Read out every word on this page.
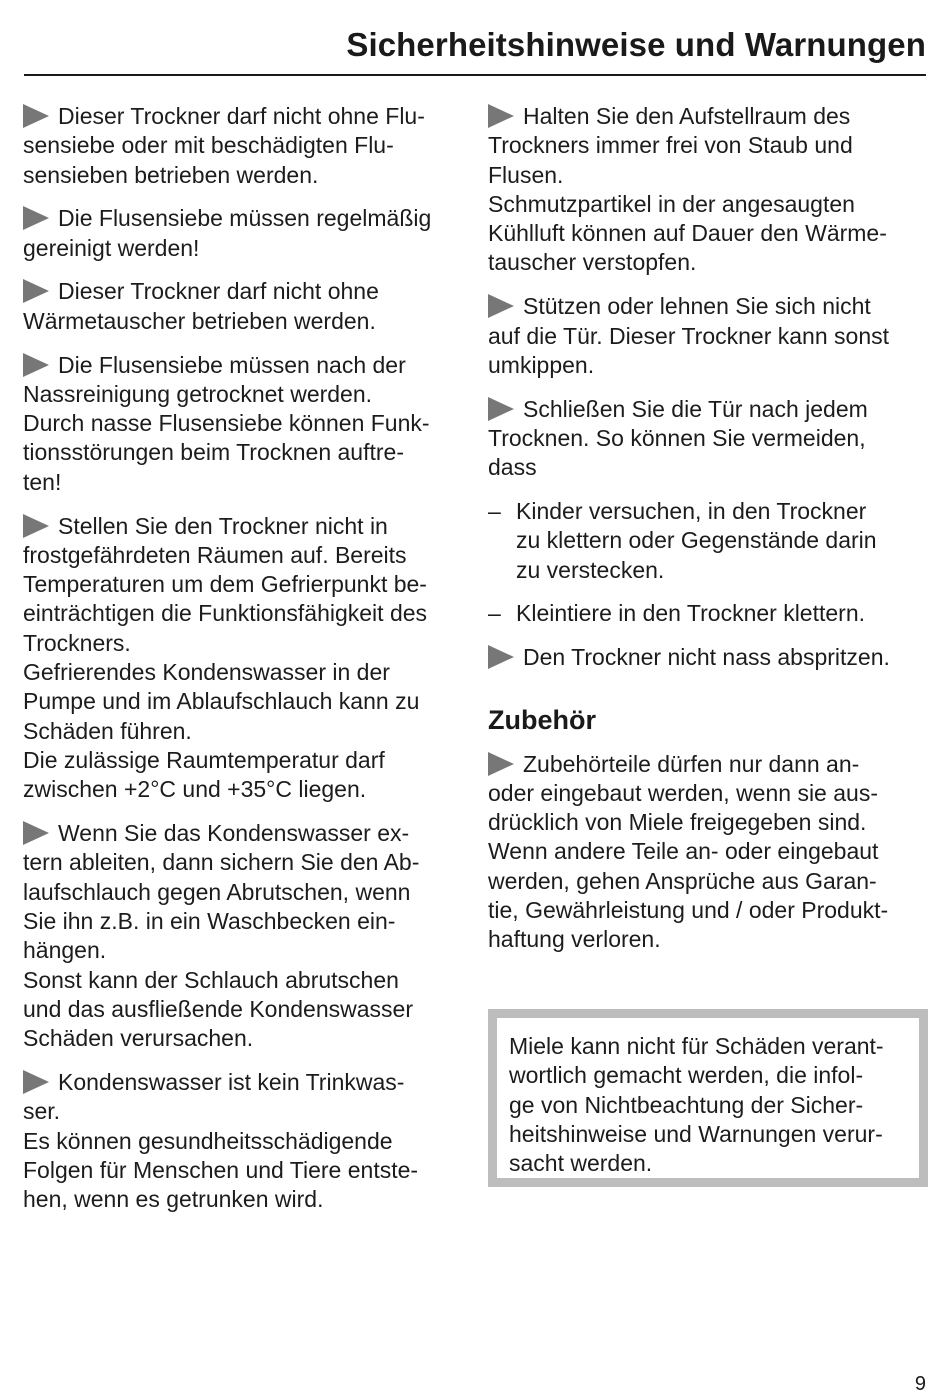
Sicherheitshinweise und Warnungen
Dieser Trockner darf nicht ohne Flu-
sensiebe oder mit beschädigten Flu-
sensieben betrieben werden.
Die Flusensiebe müssen regelmäßig
gereinigt werden!
Dieser Trockner darf nicht ohne
Wärmetauscher betrieben werden.
Die Flusensiebe müssen nach der
Nassreinigung getrocknet werden.
Durch nasse Flusensiebe können Funk-
tionsstörungen beim Trocknen auftre-
ten!
Stellen Sie den Trockner nicht in
frostgefährdeten Räumen auf. Bereits
Temperaturen um dem Gefrierpunkt be-
einträchtigen die Funktionsfähigkeit des
Trockners.
Gefrierendes Kondenswasser in der
Pumpe und im Ablaufschlauch kann zu
Schäden führen.
Die zulässige Raumtemperatur darf
zwischen +2°C und +35°C liegen.
Wenn Sie das Kondenswasser ex-
tern ableiten, dann sichern Sie den Ab-
laufschlauch gegen Abrutschen, wenn
Sie ihn z.B. in ein Waschbecken ein-
hängen.
Sonst kann der Schlauch abrutschen
und das ausfließende Kondenswasser
Schäden verursachen.
Kondenswasser ist kein Trinkwas-
ser.
Es können gesundheitsschädigende
Folgen für Menschen und Tiere entste-
hen, wenn es getrunken wird.
Halten Sie den Aufstellraum des
Trockners immer frei von Staub und
Flusen.
Schmutzpartikel in der angesaugten
Kühlluft können auf Dauer den Wärme-
tauscher verstopfen.
Stützen oder lehnen Sie sich nicht
auf die Tür. Dieser Trockner kann sonst
umkippen.
Schließen Sie die Tür nach jedem
Trocknen. So können Sie vermeiden,
dass
– Kinder versuchen, in den Trockner
zu klettern oder Gegenstände darin
zu verstecken.
– Kleintiere in den Trockner klettern.
Den Trockner nicht nass abspritzen.
Zubehör
Zubehörteile dürfen nur dann an-
oder eingebaut werden, wenn sie aus-
drücklich von Miele freigegeben sind.
Wenn andere Teile an- oder eingebaut
werden, gehen Ansprüche aus Garan-
tie, Gewährleistung und / oder Produkt-
haftung verloren.
Miele kann nicht für Schäden verant-
wortlich gemacht werden, die infol-
ge von Nichtbeachtung der Sicher-
heitshinweise und Warnungen verur-
sacht werden.
9
